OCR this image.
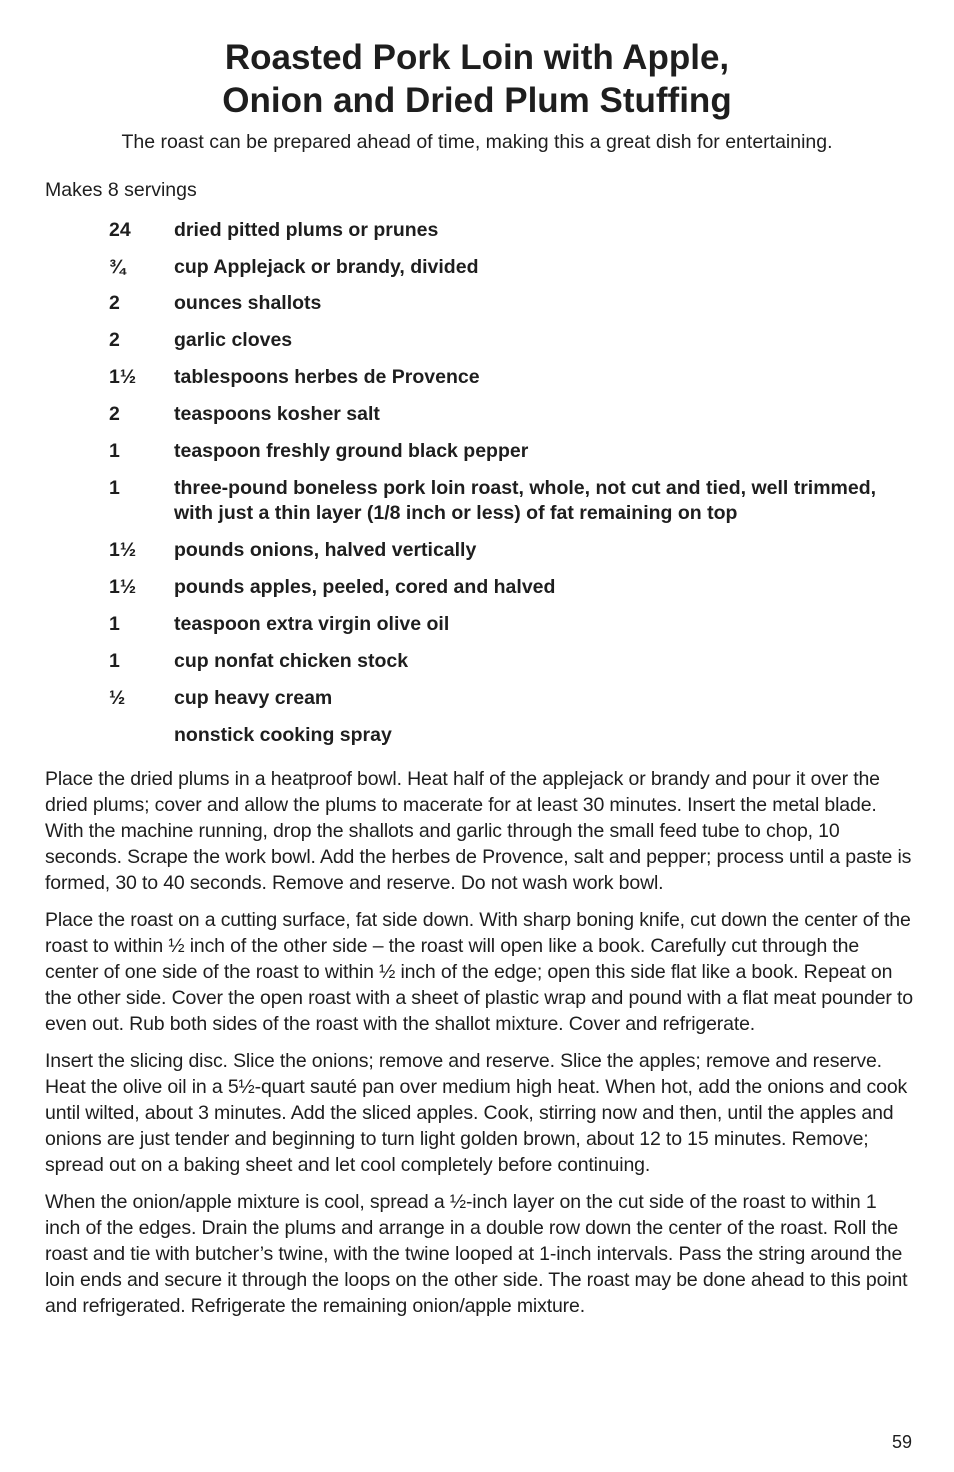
Roasted Pork Loin with Apple,
Onion and Dried Plum Stuffing

The roast can be prepared ahead of time, making this a great dish for entertaining.

Makes 8 servings

24 dried pitted plums or prunes
¾ cup Applejack or brandy, divided
2	ounces shallots
2	garlic cloves
1½ tablespoons herbes de Provence
2	teaspoons kosher salt
1	teaspoon freshly ground black pepper
1	three-pound boneless pork loin roast, whole, not cut and tied, well trimmed, with just a thin layer (1/8 inch or less) of fat remaining on top
1½ pounds onions, halved vertically
1½ pounds apples, peeled, cored and halved
1	teaspoon extra virgin olive oil
1	cup nonfat chicken stock
½ cup heavy cream
nonstick cooking spray

Place the dried plums in a heatproof bowl. Heat half of the applejack or brandy and pour it over the dried plums; cover and allow the plums to macerate for at least 30 minutes. Insert the metal blade. With the machine running, drop the shallots and garlic through the small feed tube to chop, 10 seconds. Scrape the work bowl. Add the herbes de Provence, salt and pepper; process until a paste is formed, 30 to 40 seconds. Remove and reserve. Do not wash work bowl.

Place the roast on a cutting surface, fat side down. With sharp boning knife, cut down the center of the roast to within ½ inch of the other side – the roast will open like a book. Carefully cut through the center of one side of the roast to within ½ inch of the edge; open this side flat like a book. Repeat on the other side. Cover the open roast with a sheet of plastic wrap and pound with a flat meat pounder to even out. Rub both sides of the roast with the shallot mixture. Cover and refrigerate.

Insert the slicing disc. Slice the onions; remove and reserve. Slice the apples; remove and reserve. Heat the olive oil in a 5½-quart sauté pan over medium high heat. When hot, add the onions and cook until wilted, about 3 minutes. Add the sliced apples. Cook, stirring now and then, until the apples and onions are just tender and beginning to turn light golden brown, about 12 to 15 minutes. Remove; spread out on a baking sheet and let cool completely before continuing.

When the onion/apple mixture is cool, spread a ½-inch layer on the cut side of the roast to within 1 inch of the edges. Drain the plums and arrange in a double row down the center of the roast. Roll the roast and tie with butcher’s twine, with the twine looped at 1-inch intervals. Pass the string around the loin ends and secure it through the loops on the other side. The roast may be done ahead to this point and refrigerated. Refrigerate the remaining onion/apple mixture.

59
